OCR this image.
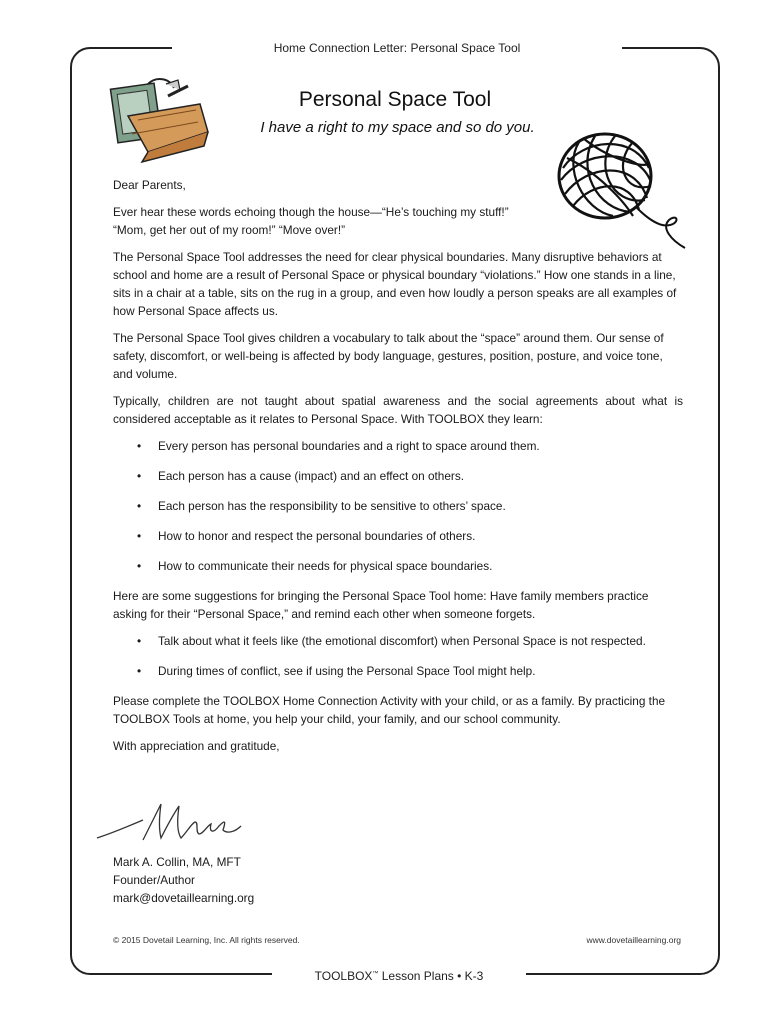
Home Connection Letter: Personal Space Tool
Personal Space Tool
I have a right to my space and so do you.

Dear Parents,

Ever hear these words echoing though the house—“He’s touching my stuff!”
“Mom, get her out of my room!” “Move over!”

The Personal Space Tool addresses the need for clear physical boundaries. Many disruptive behaviors at school and home are a result of Personal Space or physical boundary “violations.” How one stands in a line, sits in a chair at a table, sits on the rug in a group, and even how loudly a person speaks are all examples of how Personal Space affects us.

The Personal Space Tool gives children a vocabulary to talk about the “space” around them. Our sense of safety, discomfort, or well-being is affected by body language, gestures, position, posture, and voice tone, and volume.

Typically, children are not taught about spatial awareness and the social agreements about what is considered acceptable as it relates to Personal Space. With TOOLBOX they learn:

• Every person has personal boundaries and a right to space around them.
• Each person has a cause (impact) and an effect on others.
• Each person has the responsibility to be sensitive to others’ space.
• How to honor and respect the personal boundaries of others.
• How to communicate their needs for physical space boundaries.

Here are some suggestions for bringing the Personal Space Tool home: Have family members practice asking for their “Personal Space,” and remind each other when someone forgets.

• Talk about what it feels like (the emotional discomfort) when Personal Space is not respected.
• During times of conflict, see if using the Personal Space Tool might help.

Please complete the TOOLBOX Home Connection Activity with your child, or as a family. By practicing the TOOLBOX Tools at home, you help your child, your family, and our school community.

With appreciation and gratitude,

Mark A. Collin, MA, MFT
Founder/Author
mark@dovetaillearning.org
© 2015 Dovetail Learning, Inc. All rights reserved.	www.dovetaillearning.org
TOOLBOX™ Lesson Plans • K-3
